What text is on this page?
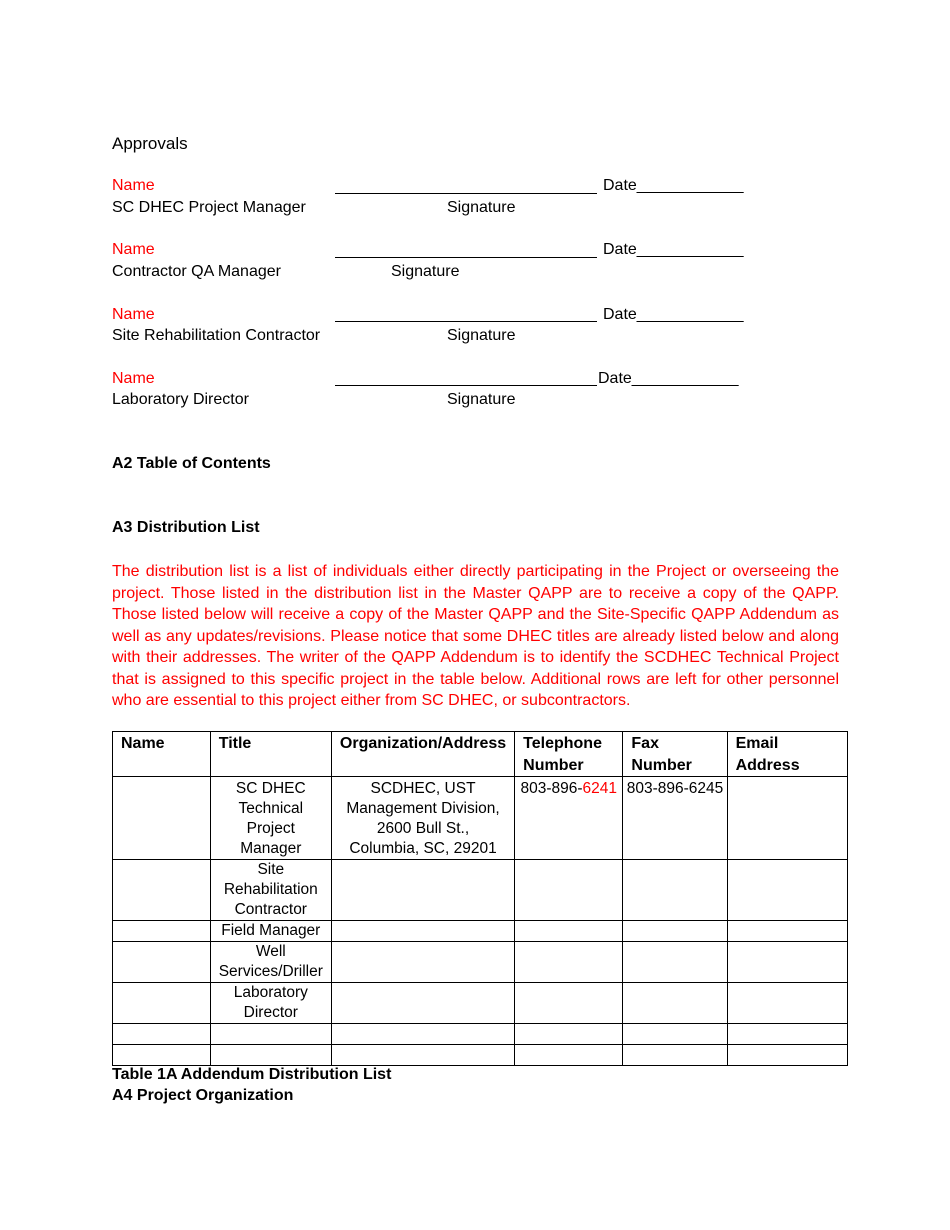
Approvals
Name
SC DHEC Project Manager	Signature
Date____________
Name
Contractor QA Manager	Signature
Date____________
Name
Site Rehabilitation Contractor	Signature
Date____________
Name
Laboratory Director	Signature
Date____________
A2 Table of Contents
A3 Distribution List
The distribution list is a list of individuals either directly participating in the Project or overseeing the project. Those listed in the distribution list in the Master QAPP are to receive a copy of the QAPP. Those listed below will receive a copy of the Master QAPP and the Site-Specific QAPP Addendum as well as any updates/revisions. Please notice that some DHEC titles are already listed below and along with their addresses. The writer of the QAPP Addendum is to identify the SCDHEC Technical Project that is assigned to this specific project in the table below. Additional rows are left for other personnel who are essential to this project either from SC DHEC, or subcontractors.
Name	Title	Organization/Address	Telephone Number	Fax Number	Email Address

	SC DHEC Technical Project Manager	SCDHEC, UST Management Division, 2600 Bull St., Columbia, SC, 29201	803-896-6241	803-896-6245	

	Site Rehabilitation Contractor				

	Field Manager				

	Well Services/Driller				

	Laboratory Director				

Table 1A Addendum Distribution List
A4 Project Organization
